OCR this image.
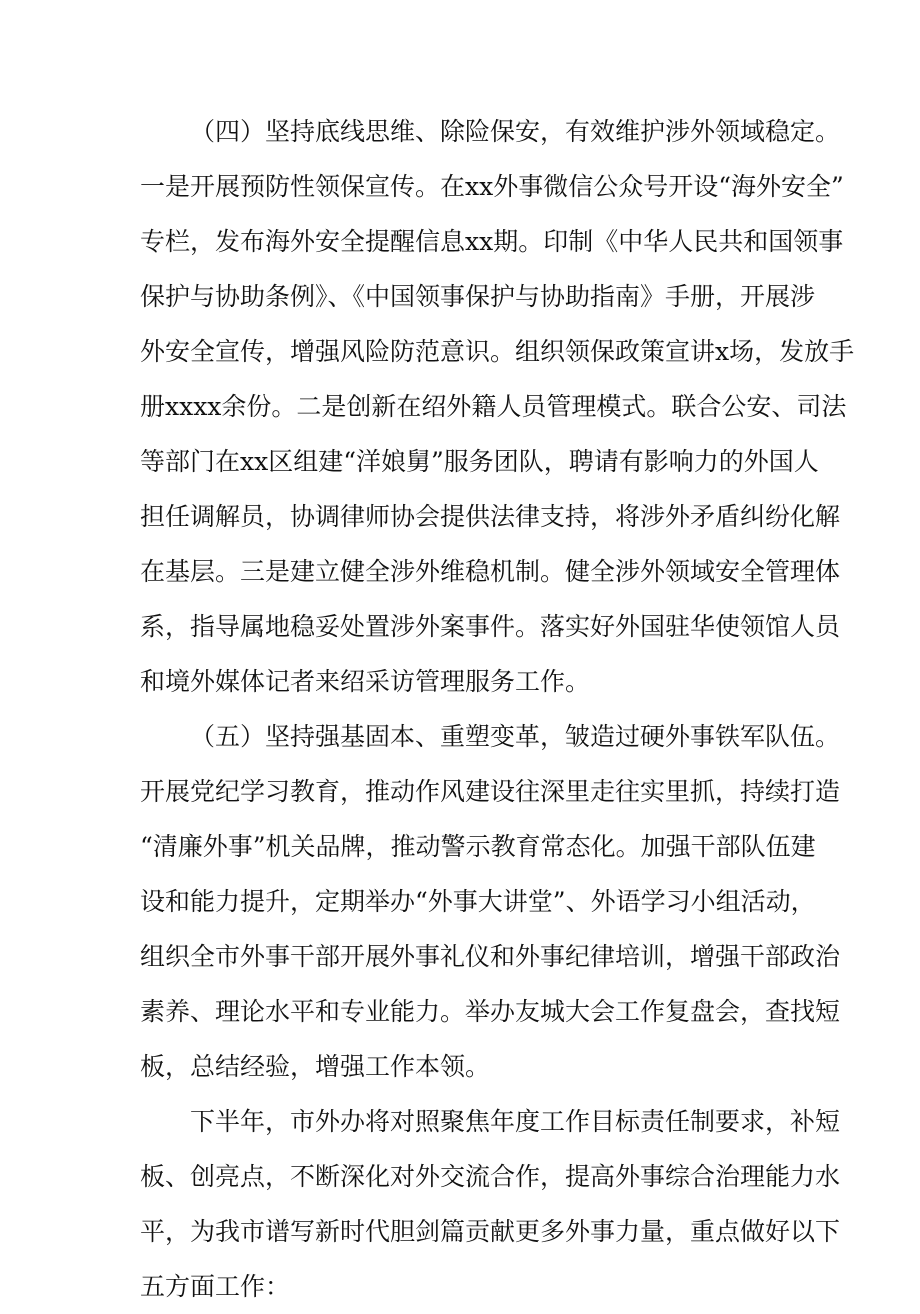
（四）坚持底线思维、除险保安，有效维护涉外领域稳定。
一是开展预防性领保宣传。在xx外事微信公众号开设“海外安全”
专栏，发布海外安全提醒信息xx期。印制《中华人民共和国领事
保护与协助条例》、《中国领事保护与协助指南》手册，开展涉
外安全宣传，增强风险防范意识。组织领保政策宣讲x场，发放手
册xxxx余份。二是创新在绍外籍人员管理模式。联合公安、司法
等部门在xx区组建“洋娘舅”服务团队，聘请有影响力的外国人
担任调解员，协调律师协会提供法律支持，将涉外矛盾纠纷化解
在基层。三是建立健全涉外维稳机制。健全涉外领域安全管理体
系，指导属地稳妥处置涉外案事件。落实好外国驻华使领馆人员
和境外媒体记者来绍采访管理服务工作。
（五）坚持强基固本、重塑变革，皱造过硬外事铁军队伍。
开展党纪学习教育，推动作风建设往深里走往实里抓，持续打造
“清廉外事”机关品牌，推动警示教育常态化。加强干部队伍建
设和能力提升，定期举办“外事大讲堂”、外语学习小组活动，
组织全市外事干部开展外事礼仪和外事纪律培训，增强干部政治
素养、理论水平和专业能力。举办友城大会工作复盘会，查找短
板，总结经验，增强工作本领。
下半年，市外办将对照聚焦年度工作目标责任制要求，补短
板、创亮点，不断深化对外交流合作，提高外事综合治理能力水
平，为我市谱写新时代胆剑篇贡献更多外事力量，重点做好以下
五方面工作：
